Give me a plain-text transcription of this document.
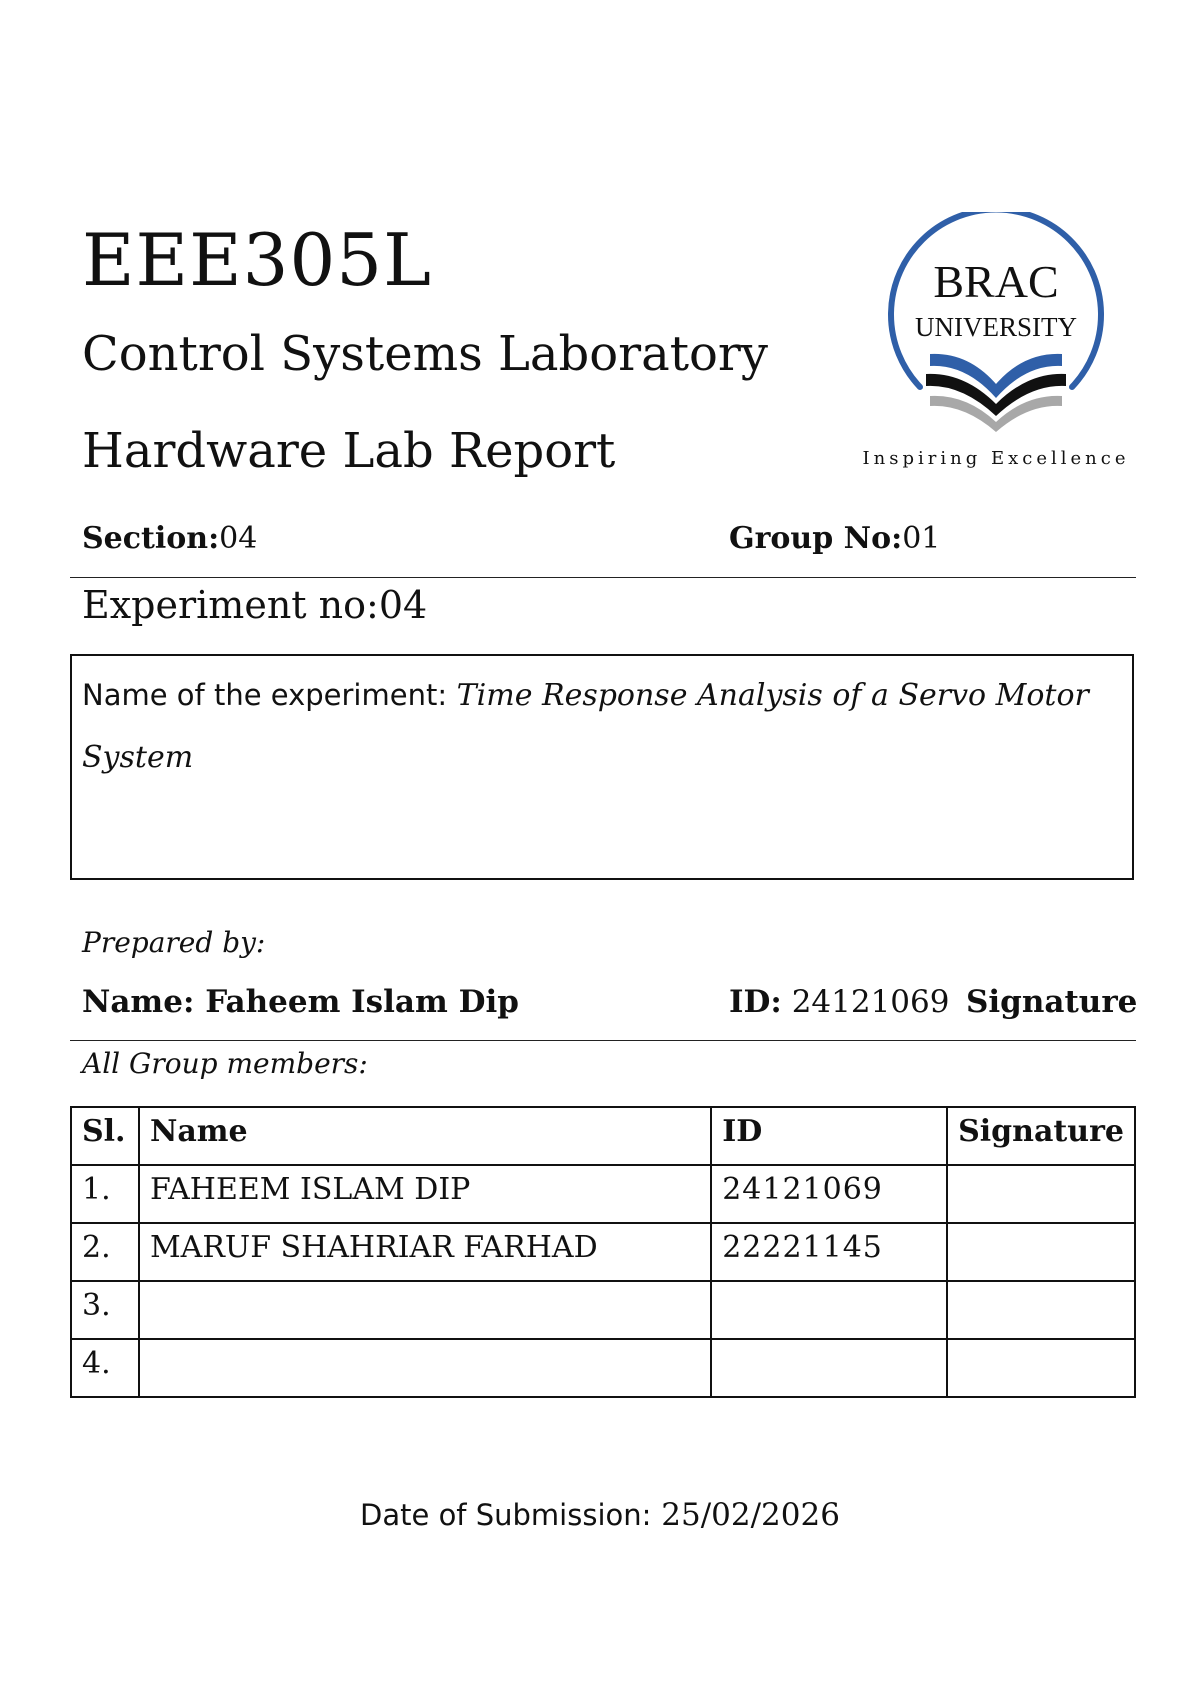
EEE305L
Control Systems Laboratory
Hardware Lab Report
BRAC
UNIVERSITY
Inspiring Excellence
Section:04	Group No:01
Experiment no:04
Name of the experiment: Time Response Analysis of a Servo Motor System
Prepared by:
Name: Faheem Islam Dip	ID: 24121069 Signature
All Group members:
Sl.	Name	ID	Signature
1.	FAHEEM ISLAM DIP	24121069	
2.	MARUF SHAHRIAR FARHAD	22221145	
3.			
4.			
Date of Submission: 25/02/2026
